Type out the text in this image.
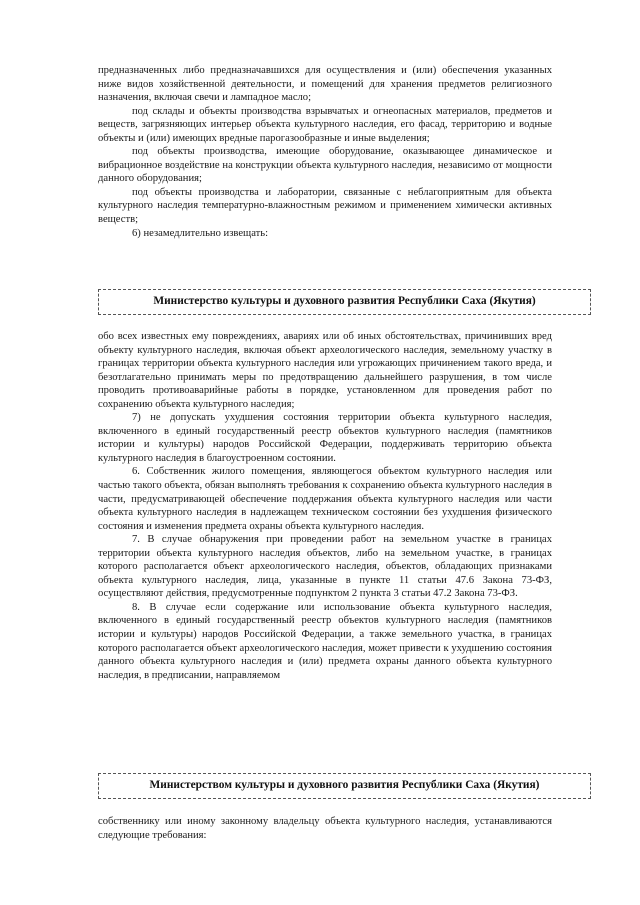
предназначенных либо предназначавшихся для осуществления и (или) обеспечения указанных ниже видов хозяйственной деятельности, и помещений для хранения предметов религиозного назначения, включая свечи и лампадное масло;

под склады и объекты производства взрывчатых и огнеопасных материалов, предметов и веществ, загрязняющих интерьер объекта культурного наследия, его фасад, территорию и водные объекты и (или) имеющих вредные парогазообразные и иные выделения;

под объекты производства, имеющие оборудование, оказывающее динамическое и вибрационное воздействие на конструкции объекта культурного наследия, независимо от мощности данного оборудования;

под объекты производства и лаборатории, связанные с неблагоприятным для объекта культурного наследия температурно-влажностным режимом и применением химически активных веществ;

6) незамедлительно извещать:

Министерство культуры и духовного развития Республики Саха (Якутия)

обо всех известных ему повреждениях, авариях или об иных обстоятельствах, причинивших вред объекту культурного наследия, включая объект археологического наследия, земельному участку в границах территории объекта культурного наследия или угрожающих причинением такого вреда, и безотлагательно принимать меры по предотвращению дальнейшего разрушения, в том числе проводить противоаварийные работы в порядке, установленном для проведения работ по сохранению объекта культурного наследия;

7) не допускать ухудшения состояния территории объекта культурного наследия, включенного в единый государственный реестр объектов культурного наследия (памятников истории и культуры) народов Российской Федерации, поддерживать территорию объекта культурного наследия в благоустроенном состоянии.

6. Собственник жилого помещения, являющегося объектом культурного наследия или частью такого объекта, обязан выполнять требования к сохранению объекта культурного наследия в части, предусматривающей обеспечение поддержания объекта культурного наследия или части объекта культурного наследия в надлежащем техническом состоянии без ухудшения физического состояния и изменения предмета охраны объекта культурного наследия.

7. В случае обнаружения при проведении работ на земельном участке в границах территории объекта культурного наследия объектов, либо на земельном участке, в границах которого располагается объект археологического наследия, объектов, обладающих признаками объекта культурного наследия, лица, указанные в пункте 11 статьи 47.6 Закона 73-ФЗ, осуществляют действия, предусмотренные подпунктом 2 пункта 3 статьи 47.2 Закона 73-ФЗ.

8. В случае если содержание или использование объекта культурного наследия, включенного в единый государственный реестр объектов культурного наследия (памятников истории и культуры) народов Российской Федерации, а также земельного участка, в границах которого располагается объект археологического наследия, может привести к ухудшению состояния данного объекта культурного наследия и (или) предмета охраны данного объекта культурного наследия, в предписании, направляемом

Министерством культуры и духовного развития Республики Саха (Якутия)

собственнику или иному законному владельцу объекта культурного наследия, устанавливаются следующие требования:
